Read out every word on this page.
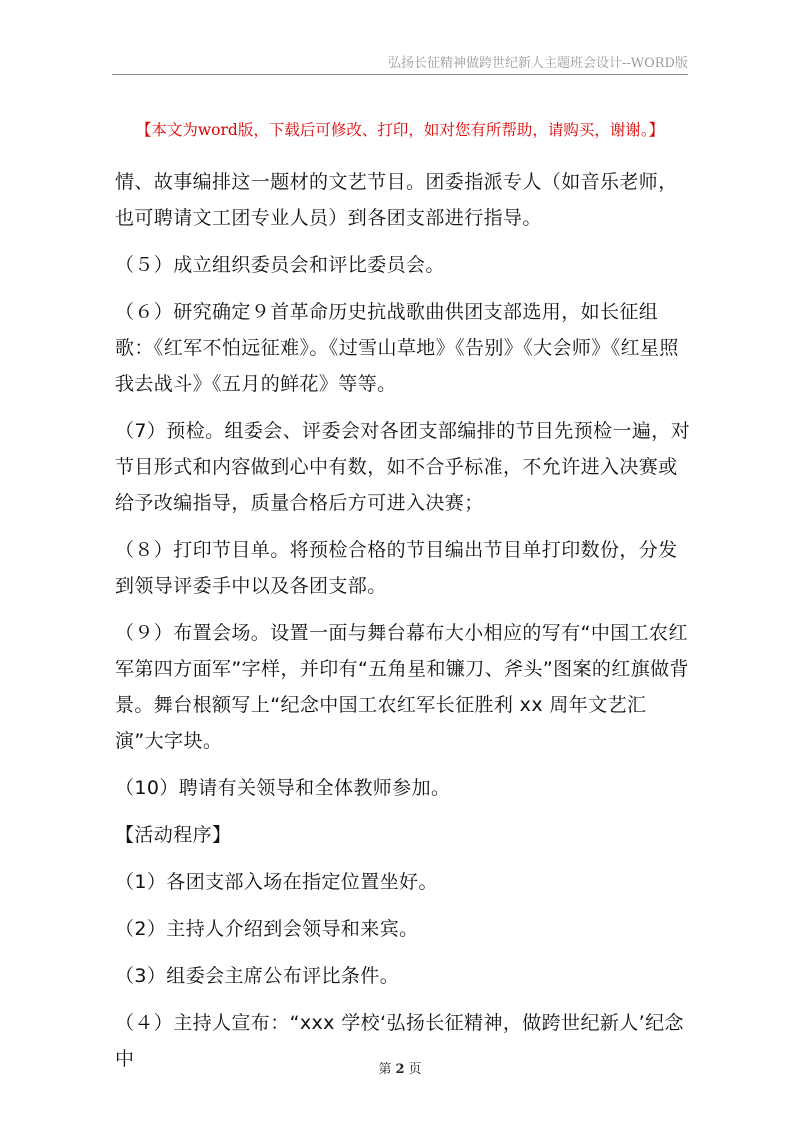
弘扬长征精神做跨世纪新人主题班会设计--WORD版
【本文为word版，下载后可修改、打印，如对您有所帮助，请购买，谢谢。】

情、故事编排这一题材的文艺节目。团委指派专人（如音乐老师，也可聘请文工团专业人员）到各团支部进行指导。

（５）成立组织委员会和评比委员会。

（６）研究确定９首革命历史抗战歌曲供团支部选用，如长征组歌：《红军不怕远征难》。《过雪山草地》《告别》《大会师》《红星照我去战斗》《五月的鲜花》等等。

（7）预检。组委会、评委会对各团支部编排的节目先预检一遍，对节目形式和内容做到心中有数，如不合乎标准，不允许进入决赛或给予改编指导，质量合格后方可进入决赛；

（８）打印节目单。将预检合格的节目编出节目单打印数份，分发到领导评委手中以及各团支部。

（９）布置会场。设置一面与舞台幕布大小相应的写有“中国工农红军第四方面军”字样，并印有“五角星和镰刀、斧头”图案的红旗做背景。舞台根额写上“纪念中国工农红军长征胜利 xx 周年文艺汇演”大字块。

（10）聘请有关领导和全体教师参加。

【活动程序】

（1）各团支部入场在指定位置坐好。

（2）主持人介绍到会领导和来宾。

（3）组委会主席公布评比条件。

（４）主持人宣布：“xxx 学校‘弘扬长征精神，做跨世纪新人’纪念中	第 2 页
